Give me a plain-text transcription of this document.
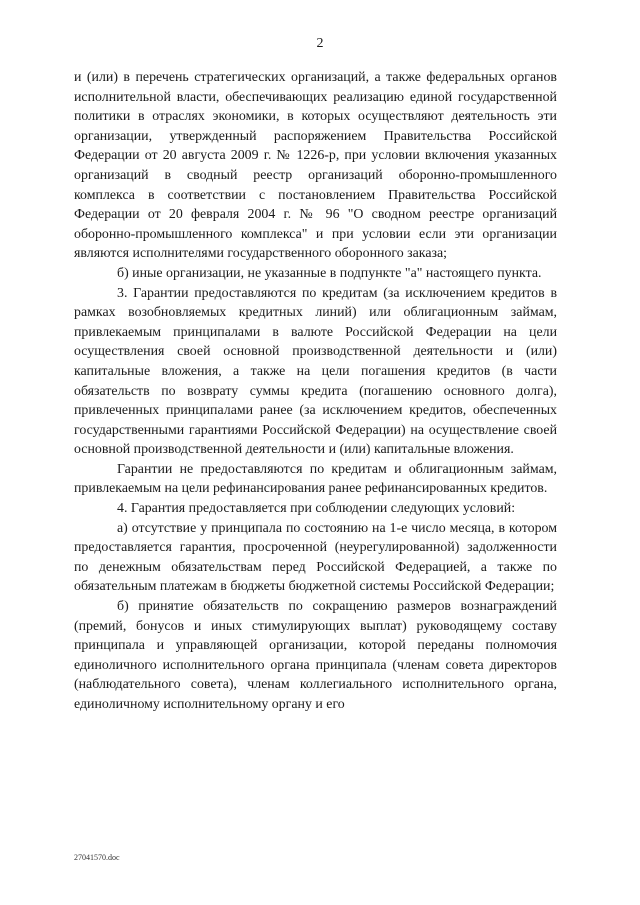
2

и (или) в перечень стратегических организаций, а также федеральных органов исполнительной власти, обеспечивающих реализацию единой государственной политики в отраслях экономики, в которых осуществляют деятельность эти организации, утвержденный распоряжением Правительства Российской Федерации от 20 августа 2009 г. № 1226-р, при условии включения указанных организаций в сводный реестр организаций оборонно-промышленного комплекса в соответствии с постановлением Правительства Российской Федерации от 20 февраля 2004 г. № 96 "О сводном реестре организаций оборонно-промышленного комплекса" и при условии если эти организации являются исполнителями государственного оборонного заказа;

б) иные организации, не указанные в подпункте "а" настоящего пункта.

3. Гарантии предоставляются по кредитам (за исключением кредитов в рамках возобновляемых кредитных линий) или облигационным займам, привлекаемым принципалами в валюте Российской Федерации на цели осуществления своей основной производственной деятельности и (или) капитальные вложения, а также на цели погашения кредитов (в части обязательств по возврату суммы кредита (погашению основного долга), привлеченных принципалами ранее (за исключением кредитов, обеспеченных государственными гарантиями Российской Федерации) на осуществление своей основной производственной деятельности и (или) капитальные вложения.

Гарантии не предоставляются по кредитам и облигационным займам, привлекаемым на цели рефинансирования ранее рефинансированных кредитов.

4. Гарантия предоставляется при соблюдении следующих условий:

а) отсутствие у принципала по состоянию на 1-е число месяца, в котором предоставляется гарантия, просроченной (неурегулированной) задолженности по денежным обязательствам перед Российской Федерацией, а также по обязательным платежам в бюджеты бюджетной системы Российской Федерации;

б) принятие обязательств по сокращению размеров вознаграждений (премий, бонусов и иных стимулирующих выплат) руководящему составу принципала и управляющей организации, которой переданы полномочия единоличного исполнительного органа принципала (членам совета директоров (наблюдательного совета), членам коллегиального исполнительного органа, единоличному исполнительному органу и его

27041570.doc
